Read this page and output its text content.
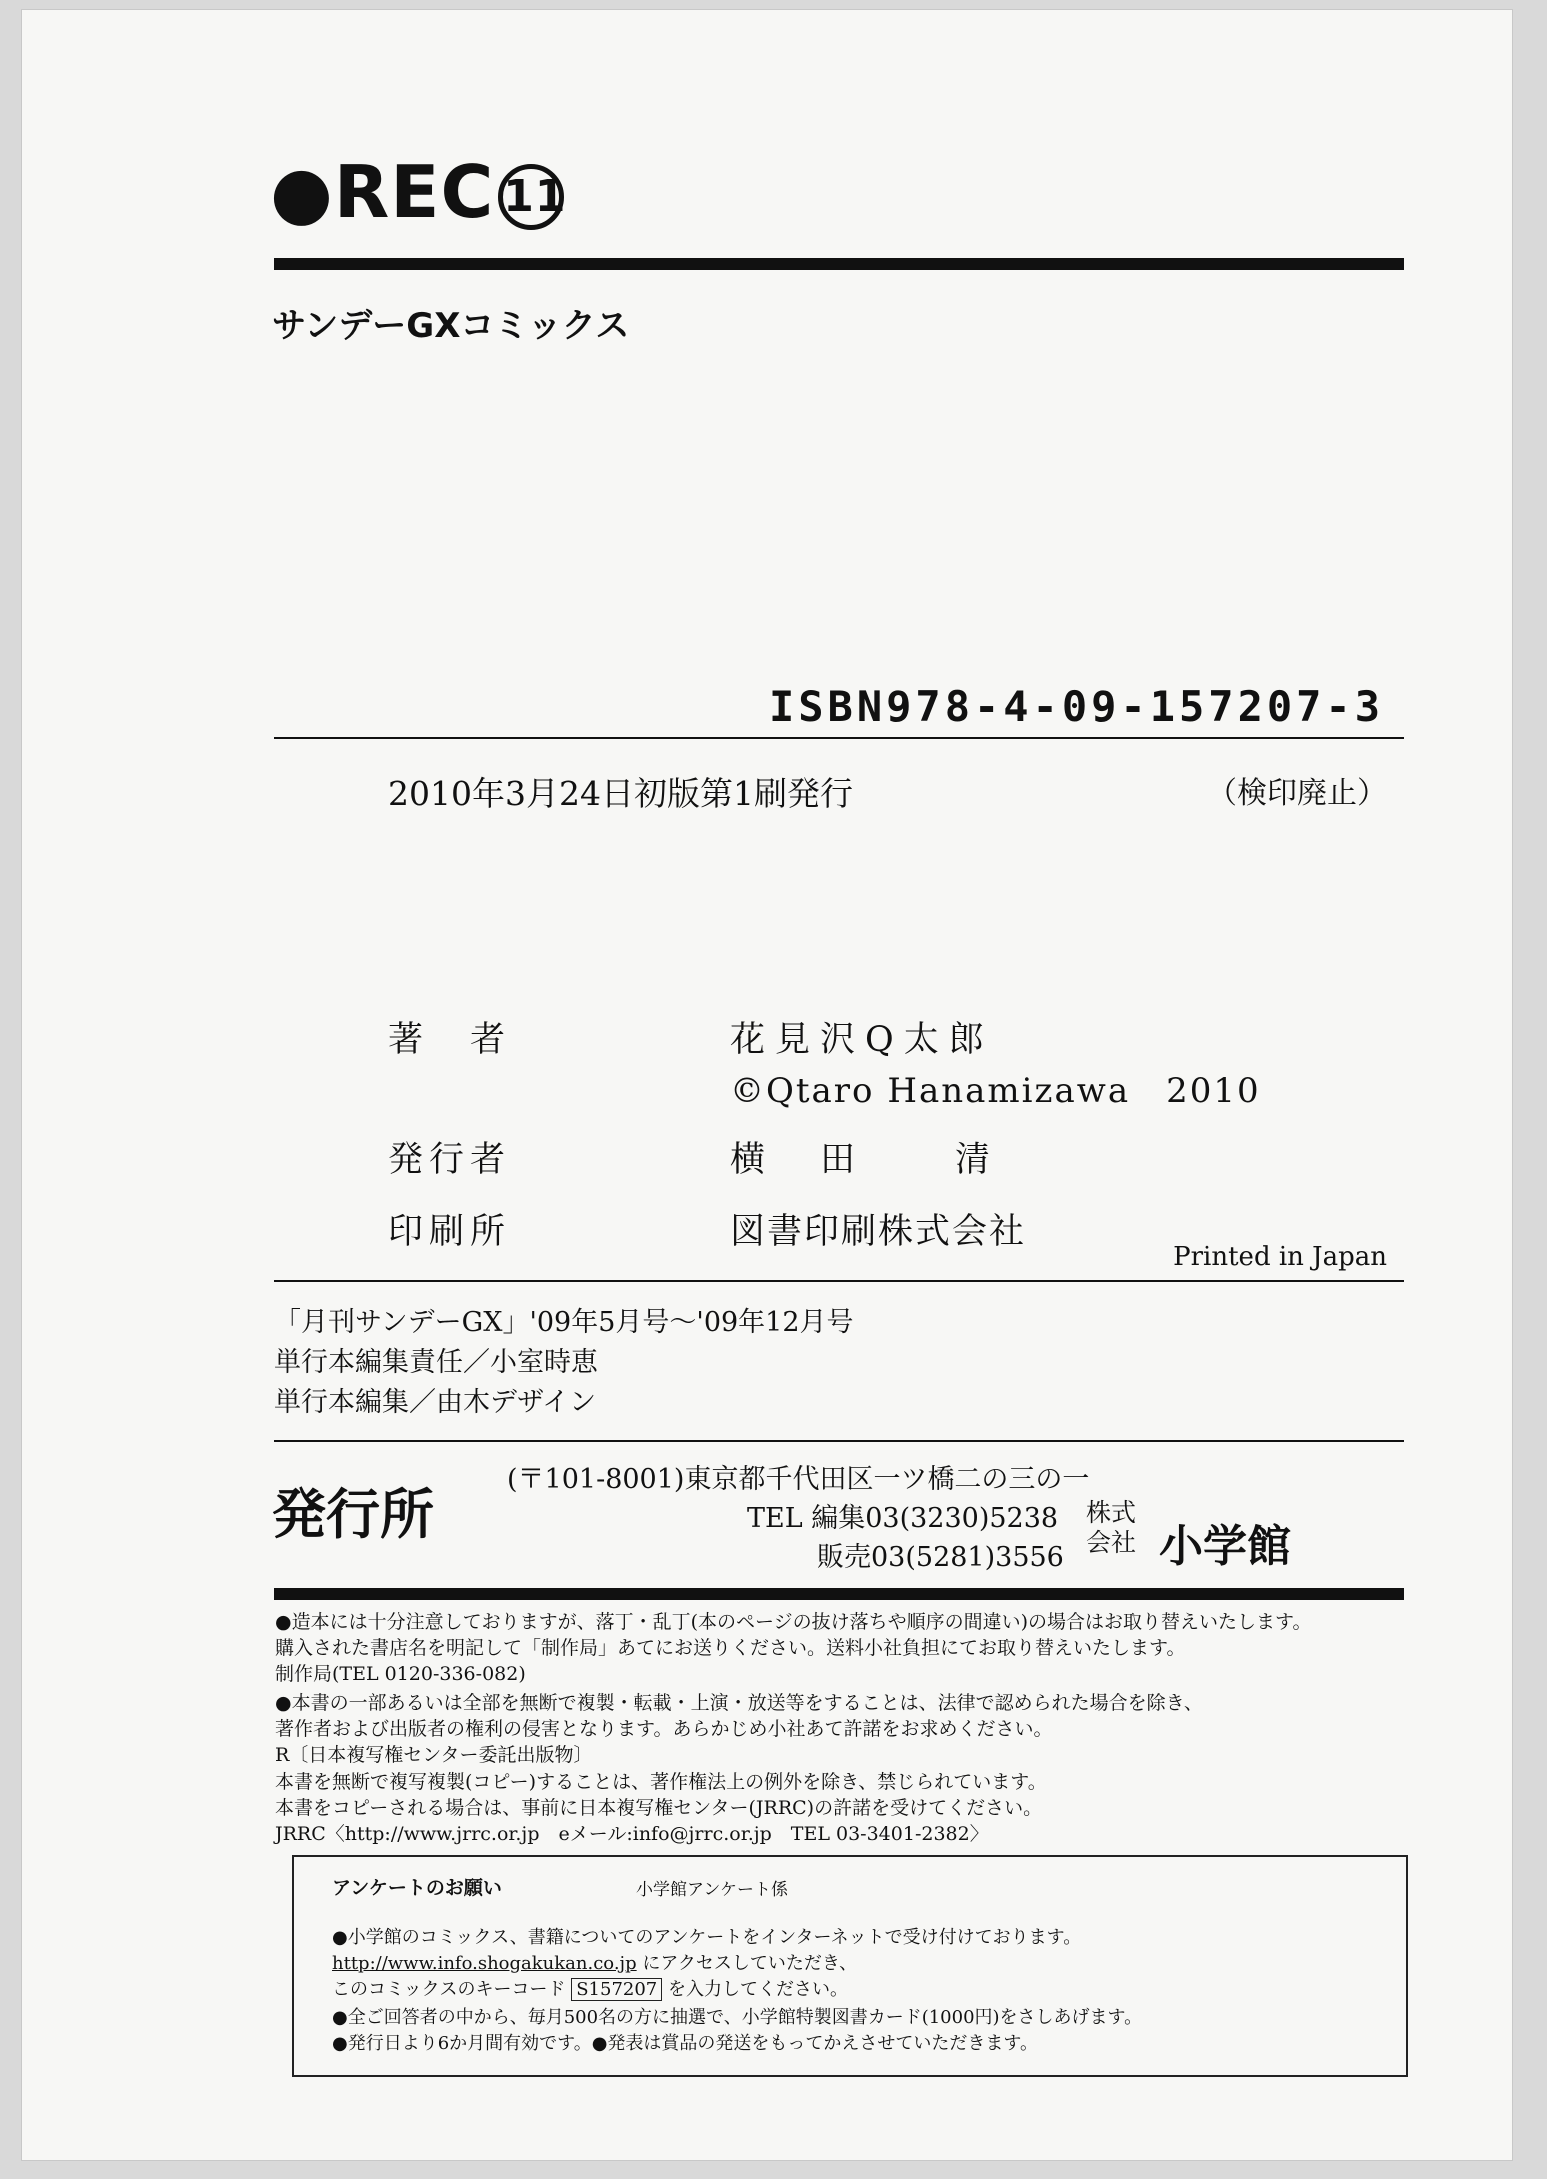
●REC 11
サンデーGXコミックス
ISBN978-4-09-157207-3
2010年3月24日初版第1刷発行	（検印廃止）
著　者	花見沢Q太郎
©Qtaro Hanamizawa　2010
発行者	横　田　　清
印刷所	図書印刷株式会社
Printed in Japan
「月刊サンデーGX」'09年5月号〜'09年12月号
単行本編集責任／小室時恵
単行本編集／由木デザイン
発行所
(〒101-8001)東京都千代田区一ツ橋二の三の一
TEL 編集03(3230)5238
販売03(5281)3556
株式
会社 小学館
●造本には十分注意しておりますが、落丁・乱丁(本のページの抜け落ちや順序の間違い)の場合はお取り替えいたします。
購入された書店名を明記して「制作局」あてにお送りください。送料小社負担にてお取り替えいたします。
制作局(TEL 0120-336-082)
●本書の一部あるいは全部を無断で複製・転載・上演・放送等をすることは、法律で認められた場合を除き、
著作者および出版者の権利の侵害となります。あらかじめ小社あて許諾をお求めください。
R〔日本複写権センター委託出版物〕
本書を無断で複写複製(コピー)することは、著作権法上の例外を除き、禁じられています。
本書をコピーされる場合は、事前に日本複写権センター(JRRC)の許諾を受けてください。
JRRC〈http://www.jrrc.or.jp　eメール:info@jrrc.or.jp　TEL 03-3401-2382〉
アンケートのお願い	小学館アンケート係
●小学館のコミックス、書籍についてのアンケートをインターネットで受け付けております。
http://www.info.shogakukan.co.jp にアクセスしていただき、
このコミックスのキーコード S157207 を入力してください。
●全ご回答者の中から、毎月500名の方に抽選で、小学館特製図書カード(1000円)をさしあげます。
●発行日より6か月間有効です。●発表は賞品の発送をもってかえさせていただきます。
